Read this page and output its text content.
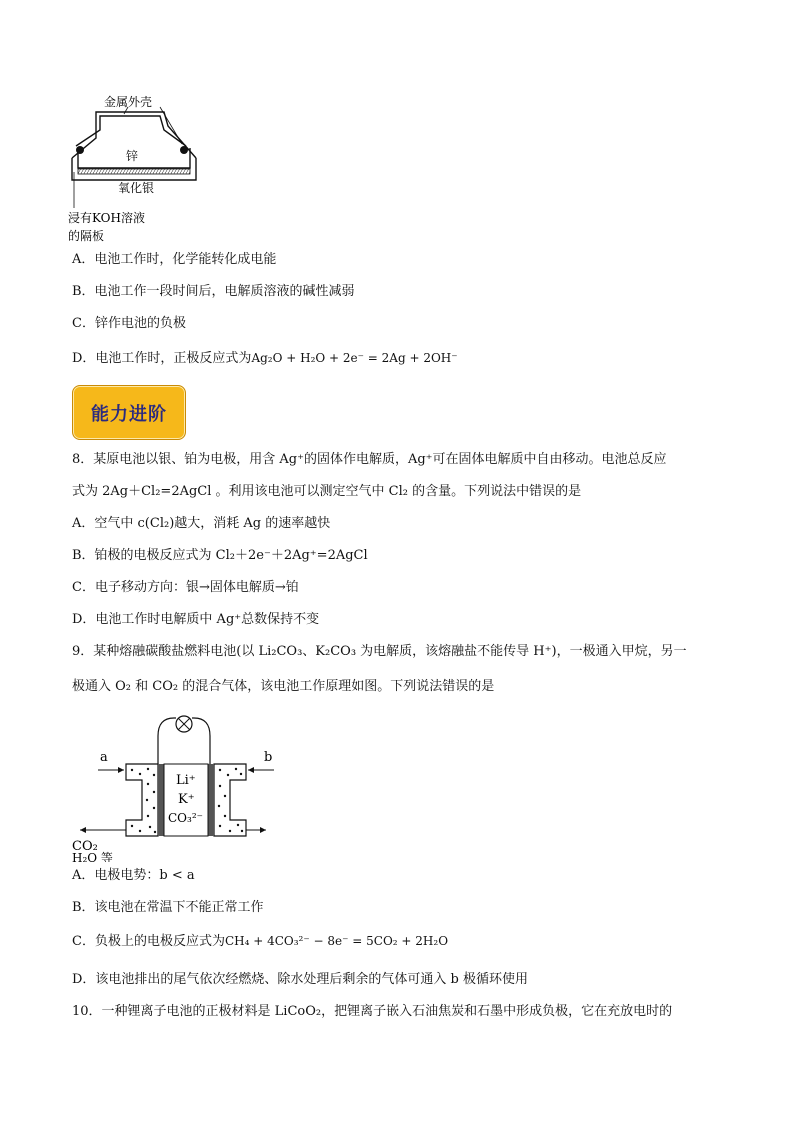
金属外壳
锌
氧化银
浸有KOH溶液
的隔板
A．电池工作时，化学能转化成电能
B．电池工作一段时间后，电解质溶液的碱性减弱
C．锌作电池的负极
D．电池工作时，正极反应式为Ag₂O + H₂O + 2e⁻ = 2Ag + 2OH⁻
能力进阶
8．某原电池以银、铂为电极，用含 Ag⁺的固体作电解质，Ag⁺可在固体电解质中自由移动。电池总反应
式为 2Ag＋Cl₂=2AgCl 。利用该电池可以测定空气中 Cl₂ 的含量。下列说法中错误的是
A．空气中 c(Cl₂)越大，消耗 Ag 的速率越快
B．铂极的电极反应式为 Cl₂＋2e⁻＋2Ag⁺=2AgCl
C．电子移动方向：银→固体电解质→铂
D．电池工作时电解质中 Ag⁺总数保持不变
9．某种熔融碳酸盐燃料电池(以 Li₂CO₃、K₂CO₃ 为电解质，该熔融盐不能传导 H⁺)，一极通入甲烷，另一
极通入 O₂ 和 CO₂ 的混合气体，该电池工作原理如图。下列说法错误的是
a	b
Li⁺
K⁺
CO₃²⁻
CO₂
H₂O 等
A．电极电势：b < a
B．该电池在常温下不能正常工作
C．负极上的电极反应式为CH₄ + 4CO₃²⁻ − 8e⁻ = 5CO₂ + 2H₂O
D．该电池排出的尾气依次经燃烧、除水处理后剩余的气体可通入 b 极循环使用
10．一种锂离子电池的正极材料是 LiCoO₂，把锂离子嵌入石油焦炭和石墨中形成负极，它在充放电时的
